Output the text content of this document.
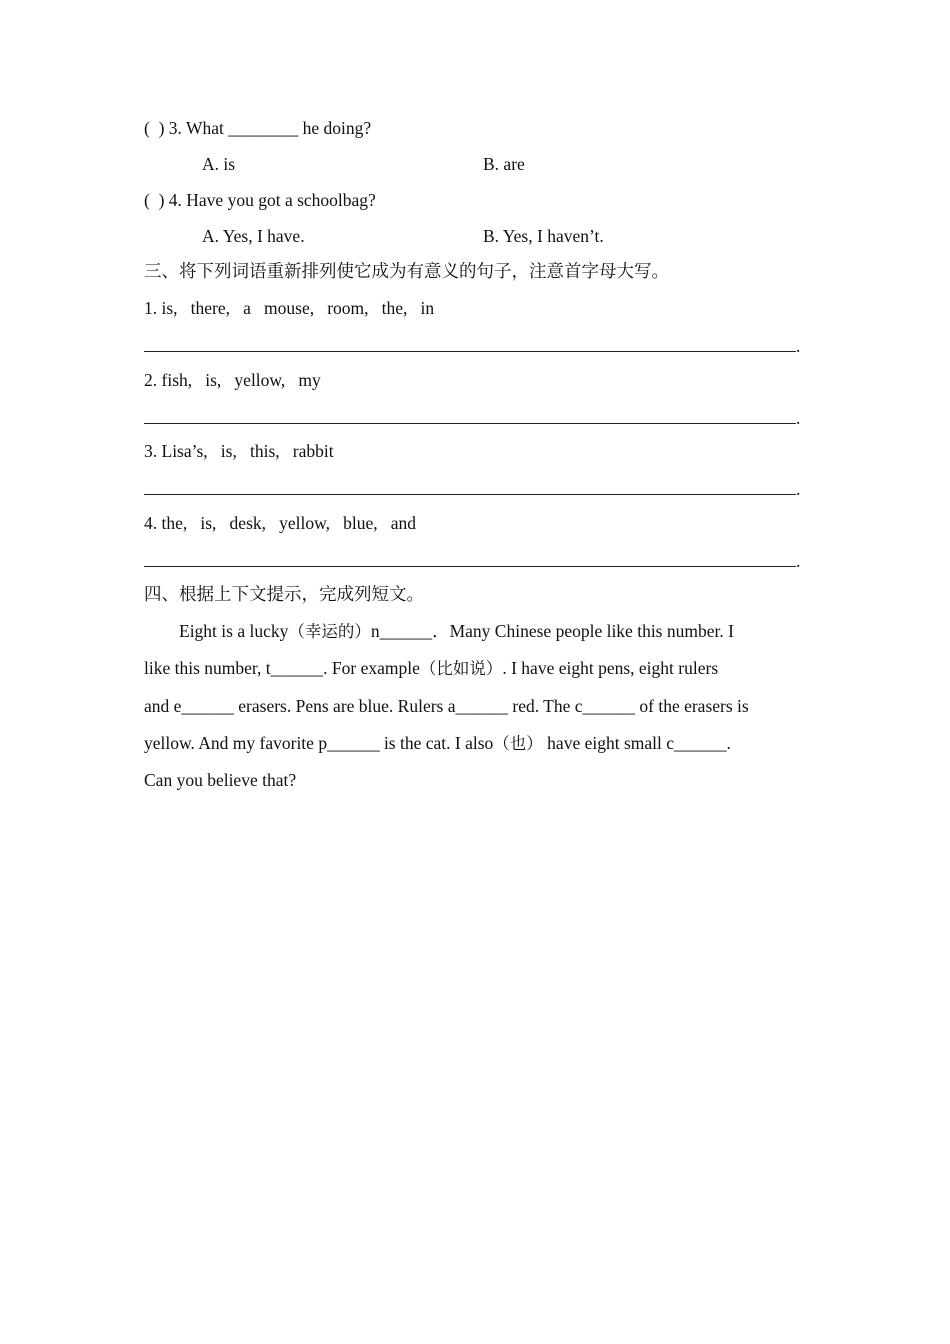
(  ) 3. What ________ he doing?
A. is	B. are
(  ) 4. Have you got a schoolbag?
A. Yes, I have.	B. Yes, I haven’t.
三、将下列词语重新排列使它成为有意义的句子，注意首字母大写。
1. is,   there,   a   mouse,   room,   the,   in
.
2. fish,   is,   yellow,   my
.
3. Lisa’s,   is,   this,   rabbit
.
4. the,   is,   desk,   yellow,   blue,   and
.
四、根据上下文提示，完成列短文。
Eight is a lucky（幸运的）n______．Many Chinese people like this number. I
like this number, t______. For example（比如说）. I have eight pens, eight rulers
and e______ erasers. Pens are blue. Rulers a______ red. The c______ of the erasers is
yellow. And my favorite p______ is the cat. I also（也） have eight small c______.
Can you believe that?
